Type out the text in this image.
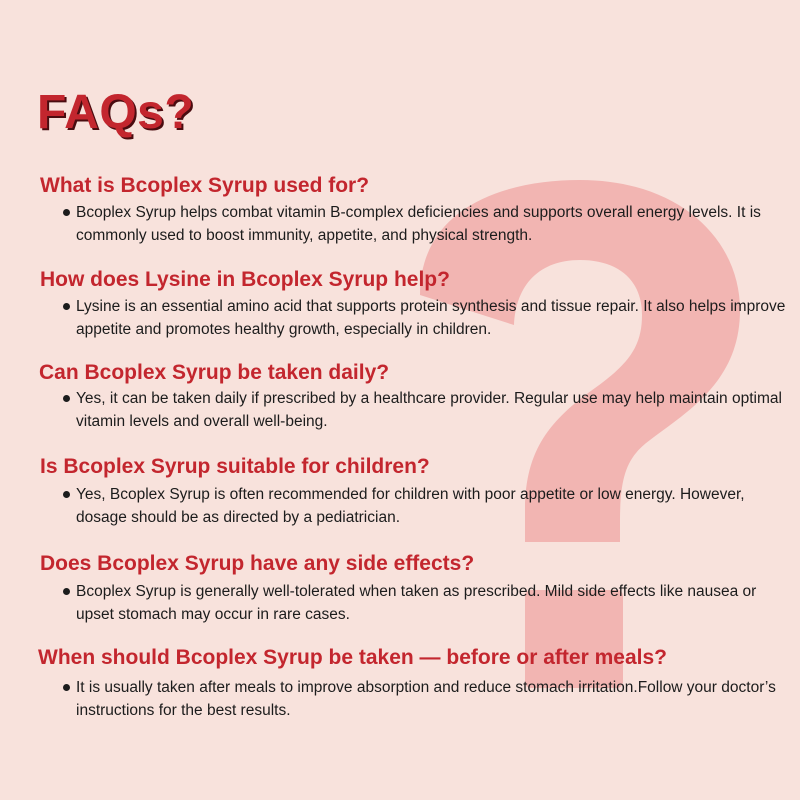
FAQs?
What is Bcoplex Syrup used for?
Bcoplex Syrup helps combat vitamin B-complex deficiencies and supports overall energy levels. It is commonly used to boost immunity, appetite, and physical strength.
How does Lysine in Bcoplex Syrup help?
Lysine is an essential amino acid that supports protein synthesis and tissue repair. It also helps improve appetite and promotes healthy growth, especially in children.
Can Bcoplex Syrup be taken daily?
Yes, it can be taken daily if prescribed by a healthcare provider. Regular use may help maintain optimal vitamin levels and overall well-being.
Is Bcoplex Syrup suitable for children?
Yes, Bcoplex Syrup is often recommended for children with poor appetite or low energy. However, dosage should be as directed by a pediatrician.
Does Bcoplex Syrup have any side effects?
Bcoplex Syrup is generally well-tolerated when taken as prescribed. Mild side effects like nausea or upset stomach may occur in rare cases.
When should Bcoplex Syrup be taken — before or after meals?
It is usually taken after meals to improve absorption and reduce stomach irritation.Follow your doctor’s instructions for the best results.
